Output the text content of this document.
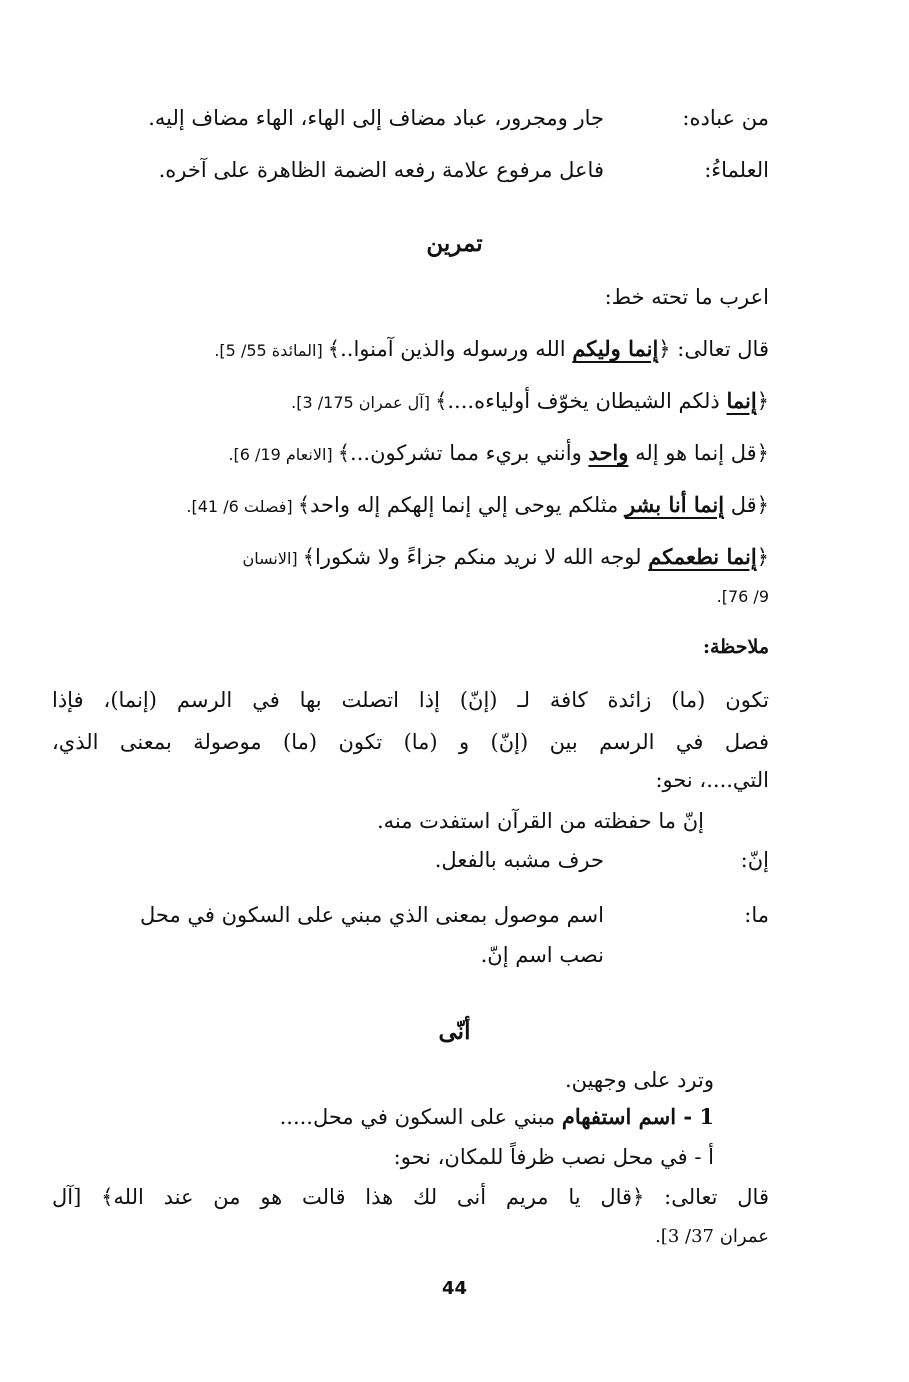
من عباده:
جار ومجرور، عباد مضاف إلى الهاء، الهاء مضاف إليه.
العلماءُ:
فاعل مرفوع علامة رفعه الضمة الظاهرة على آخره.
تمرين
اعرب ما تحته خط:
قال تعالى: ﴿إنما وليكم الله ورسوله والذين آمنوا..﴾ [المائدة 55/ 5].
﴿إنما ذلكم الشيطان يخوّف أولياءه....﴾ [آل عمران 175/ 3].
﴿قل إنما هو إله واحد وأنني بريء مما تشركون...﴾ [الانعام 19/ 6].
﴿قل إنما أنا بشر مثلكم يوحى إلي إنما إلهكم إله واحد﴾ [فصلت 6/ 41].
﴿إنما نطعمكم لوجه الله لا نريد منكم جزاءً ولا شكورا﴾ [الانسان
9/ 76].
ملاحظة:
تكون (ما) زائدة كافة لـ (إنّ) إذا اتصلت بها في الرسم (إنما)، فإذا
فصل في الرسم بين (إنّ) و (ما) تكون (ما) موصولة بمعنى الذي،
التي....، نحو:
إنّ ما حفظته من القرآن استفدت منه.
إنّ:
حرف مشبه بالفعل.
ما:
اسم موصول بمعنى الذي مبني على السكون في محل
نصب اسم إنّ.
أنّى
وترد على وجهين.
1 - اسم استفهام مبني على السكون في محل.....
أ - في محل نصب ظرفاً للمكان، نحو:
قال تعالى: ﴿قال يا مريم أنى لك هذا قالت هو من عند الله﴾ [آل
عمران 37/ 3].
44
